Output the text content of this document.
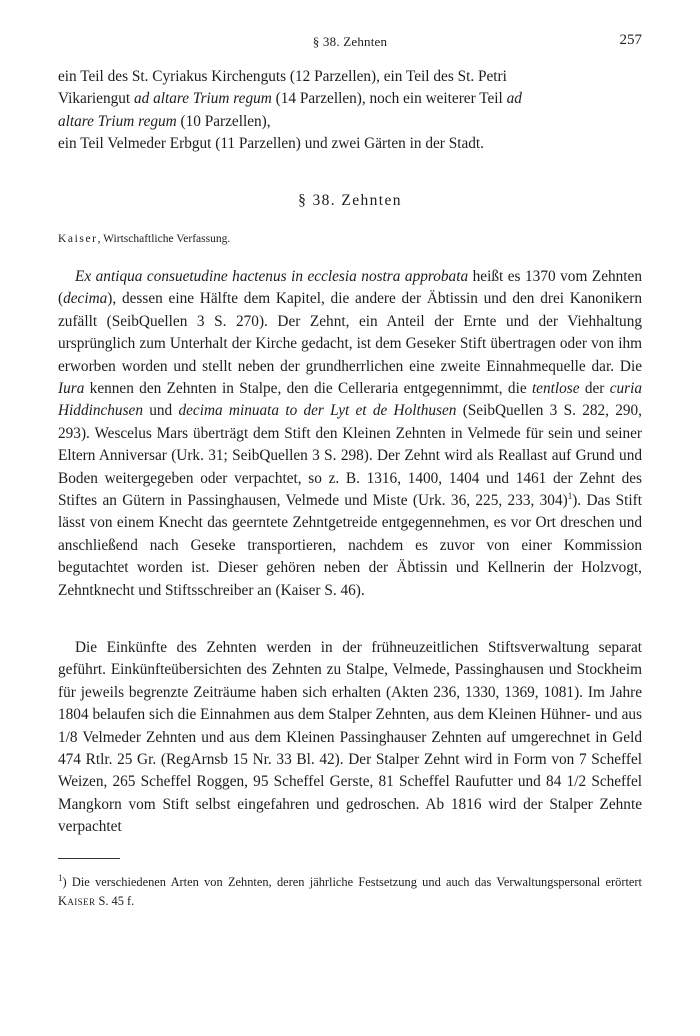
§ 38. Zehnten	257

ein Teil des St. Cyriakus Kirchenguts (12 Parzellen), ein Teil des St. Petri
Vikariengut ad altare Trium regum (14 Parzellen), noch ein weiterer Teil ad
altare Trium regum (10 Parzellen),
ein Teil Velmeder Erbgut (11 Parzellen) und zwei Gärten in der Stadt.

§ 38. Zehnten
Kaiser, Wirtschaftliche Verfassung.

Ex antiqua consuetudine hactenus in ecclesia nostra approbata heißt es 1370 vom Zehnten (decima), dessen eine Hälfte dem Kapitel, die andere der Äbtissin und den drei Kanonikern zufällt (SeibQuellen 3 S. 270). Der Zehnt, ein Anteil der Ernte und der Viehhaltung ursprünglich zum Unterhalt der Kirche gedacht, ist dem Geseker Stift übertragen oder von ihm erworben worden und stellt neben der grundherrlichen eine zweite Einnahmequelle dar. Die Iura kennen den Zehnten in Stalpe, den die Celleraria entgegennimmt, die tentlose der curia Hiddinchusen und decima minuata to der Lyt et de Holthusen (SeibQuellen 3 S. 282, 290, 293). Wescelus Mars überträgt dem Stift den Kleinen Zehnten in Velmede für sein und seiner Eltern Anniversar (Urk. 31; SeibQuellen 3 S. 298). Der Zehnt wird als Reallast auf Grund und Boden weitergegeben oder verpachtet, so z. B. 1316, 1400, 1404 und 1461 der Zehnt des Stiftes an Gütern in Passinghausen, Velmede und Miste (Urk. 36, 225, 233, 304)$^1$). Das Stift lässt von einem Knecht das geerntete Zehntgetreide entgegennehmen, es vor Ort dreschen und anschließend nach Geseke transportieren, nachdem es zuvor von einer Kommission begutachtet worden ist. Dieser gehören neben der Äbtissin und Kellnerin der Holzvogt, Zehntknecht und Stiftsschreiber an (Kaiser S. 46).

Die Einkünfte des Zehnten werden in der frühneuzeitlichen Stiftsverwaltung separat geführt. Einkünfteübersichten des Zehnten zu Stalpe, Velmede, Passinghausen und Stockheim für jeweils begrenzte Zeiträume haben sich erhalten (Akten 236, 1330, 1369, 1081). Im Jahre 1804 belaufen sich die Einnahmen aus dem Stalper Zehnten, aus dem Kleinen Hühner- und aus 1/8 Velmeder Zehnten und aus dem Kleinen Passinghauser Zehnten auf umgerechnet in Geld 474 Rtlr. 25 Gr. (RegArnsb 15 Nr. 33 Bl. 42). Der Stalper Zehnt wird in Form von 7 Scheffel Weizen, 265 Scheffel Roggen, 95 Scheffel Gerste, 81 Scheffel Raufutter und 84 1/2 Scheffel Mangkorn vom Stift selbst eingefahren und gedroschen. Ab 1816 wird der Stalper Zehnte verpachtet

$^1$) Die verschiedenen Arten von Zehnten, deren jährliche Festsetzung und auch das Verwaltungspersonal erörtert Kaiser S. 45 f.
